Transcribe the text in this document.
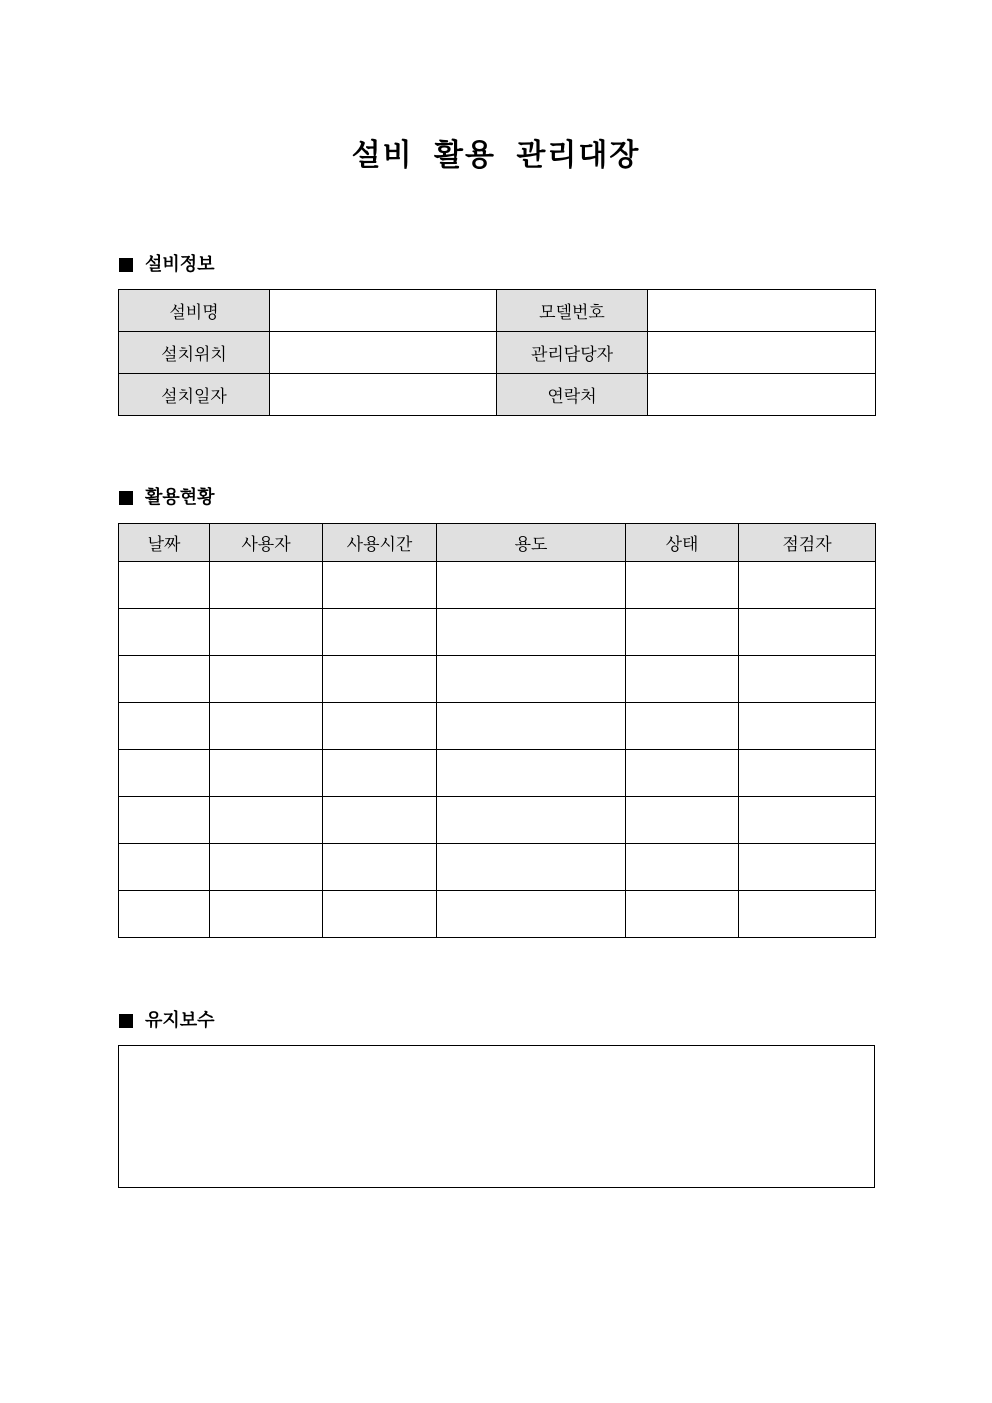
설비 활용 관리대장
설비정보
설비명		모델번호	
설치위치		관리담당자	
설치일자		연락처	
활용현황
날짜	사용자	사용시간	용도	상태	점검자

유지보수
